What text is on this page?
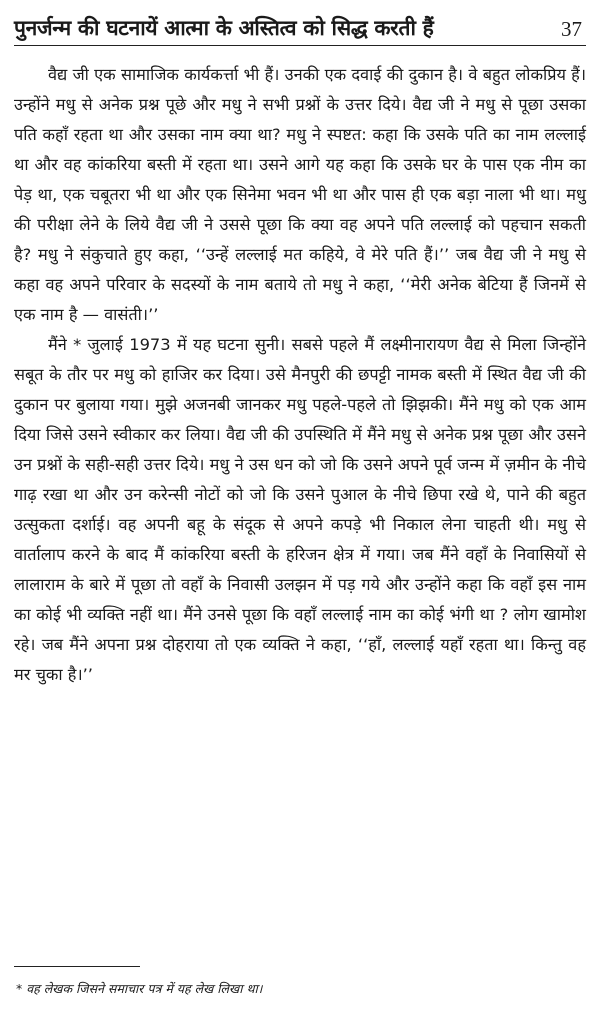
पुनर्जन्म की घटनायें आत्मा के अस्तित्व को सिद्ध करती हैं	37

वैद्य जी एक सामाजिक कार्यकर्त्ता भी हैं। उनकी एक दवाई की दुकान है। वे बहुत लोकप्रिय हैं। उन्होंने मधु से अनेक प्रश्न पूछे और मधु ने सभी प्रश्नों के उत्तर दिये। वैद्य जी ने मधु से पूछा उसका पति कहाँ रहता था और उसका नाम क्या था? मधु ने स्पष्टत: कहा कि उसके पति का नाम लल्लाई था और वह कांकरिया बस्ती में रहता था। उसने आगे यह कहा कि उसके घर के पास एक नीम का पेड़ था, एक चबूतरा भी था और एक सिनेमा भवन भी था और पास ही एक बड़ा नाला भी था। मधु की परीक्षा लेने के लिये वैद्य जी ने उससे पूछा कि क्या वह अपने पति लल्लाई को पहचान सकती है? मधु ने संकुचाते हुए कहा, ‘‘उन्हें लल्लाई मत कहिये, वे मेरे पति हैं।’’ जब वैद्य जी ने मधु से कहा वह अपने परिवार के सदस्यों के नाम बताये तो मधु ने कहा, ‘‘मेरी अनेक बेटिया हैं जिनमें से एक नाम है — वासंती।’’

मैंने * जुलाई 1973 में यह घटना सुनी। सबसे पहले मैं लक्ष्मीनारायण वैद्य से मिला जिन्होंने सबूत के तौर पर मधु को हाजिर कर दिया। उसे मैनपुरी की छपट्टी नामक बस्ती में स्थित वैद्य जी की दुकान पर बुलाया गया। मुझे अजनबी जानकर मधु पहले-पहले तो झिझकी। मैंने मधु को एक आम दिया जिसे उसने स्वीकार कर लिया। वैद्य जी की उपस्थिति में मैंने मधु से अनेक प्रश्न पूछा और उसने उन प्रश्नों के सही-सही उत्तर दिये। मधु ने उस धन को जो कि उसने अपने पूर्व जन्म में ज़मीन के नीचे गाढ़ रखा था और उन करेन्सी नोटों को जो कि उसने पुआल के नीचे छिपा रखे थे, पाने की बहुत उत्सुकता दर्शाई। वह अपनी बहू के संदूक से अपने कपड़े भी निकाल लेना चाहती थी। मधु से वार्तालाप करने के बाद मैं कांकरिया बस्ती के हरिजन क्षेत्र में गया। जब मैंने वहाँ के निवासियों से लालाराम के बारे में पूछा तो वहाँ के निवासी उलझन में पड़ गये और उन्होंने कहा कि वहाँ इस नाम का कोई भी व्यक्ति नहीं था। मैंने उनसे पूछा कि वहाँ लल्लाई नाम का कोई भंगी था ? लोग खामोश रहे। जब मैंने अपना प्रश्न दोहराया तो एक व्यक्ति ने कहा, ‘‘हाँ, लल्लाई यहाँ रहता था। किन्तु वह मर चुका है।’’

* वह लेखक जिसने समाचार पत्र में यह लेख लिखा था।
